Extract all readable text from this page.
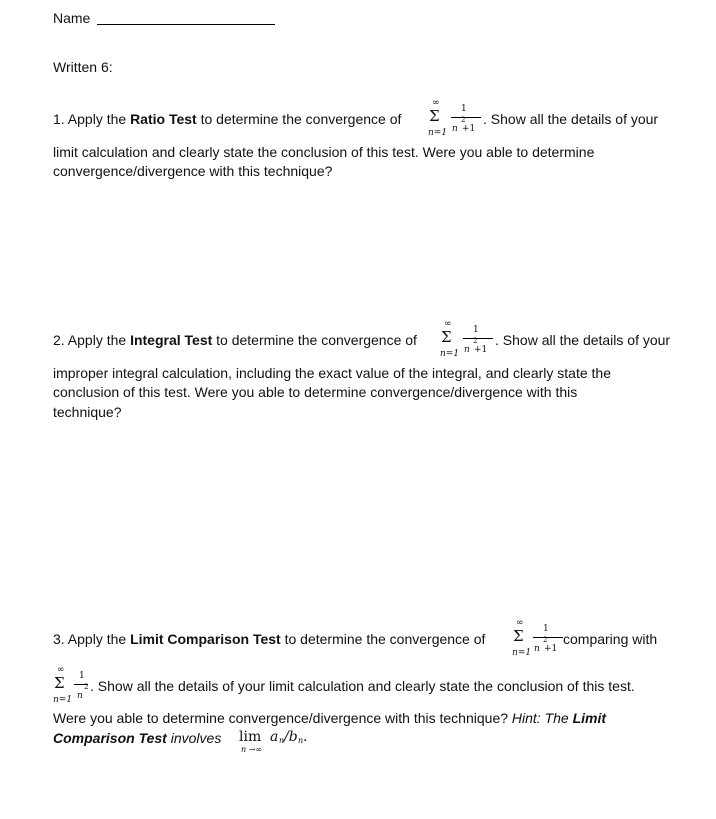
Name
Written 6:
1. Apply the Ratio Test to determine the convergence of
∞
Σ
n=1
1
2
n +1
. Show all the details of your
limit calculation and clearly state the conclusion of this test. Were you able to determine
convergence/divergence with this technique?
2. Apply the Integral Test to determine the convergence of
∞
Σ
n=1
1
2
n +1
. Show all the details of your
improper integral calculation, including the exact value of the integral, and clearly state the
conclusion of this test. Were you able to determine convergence/divergence with this
technique?
3. Apply the Limit Comparison Test to determine the convergence of
∞
Σ
n=1
1
2
n +1
comparing with
∞
Σ
n=1
1
2
n
. Show all the details of your limit calculation and clearly state the conclusion of this test.
Were you able to determine convergence/divergence with this technique? Hint: The Limit
Comparison Test involves lim
n →∞
a n /b n .
